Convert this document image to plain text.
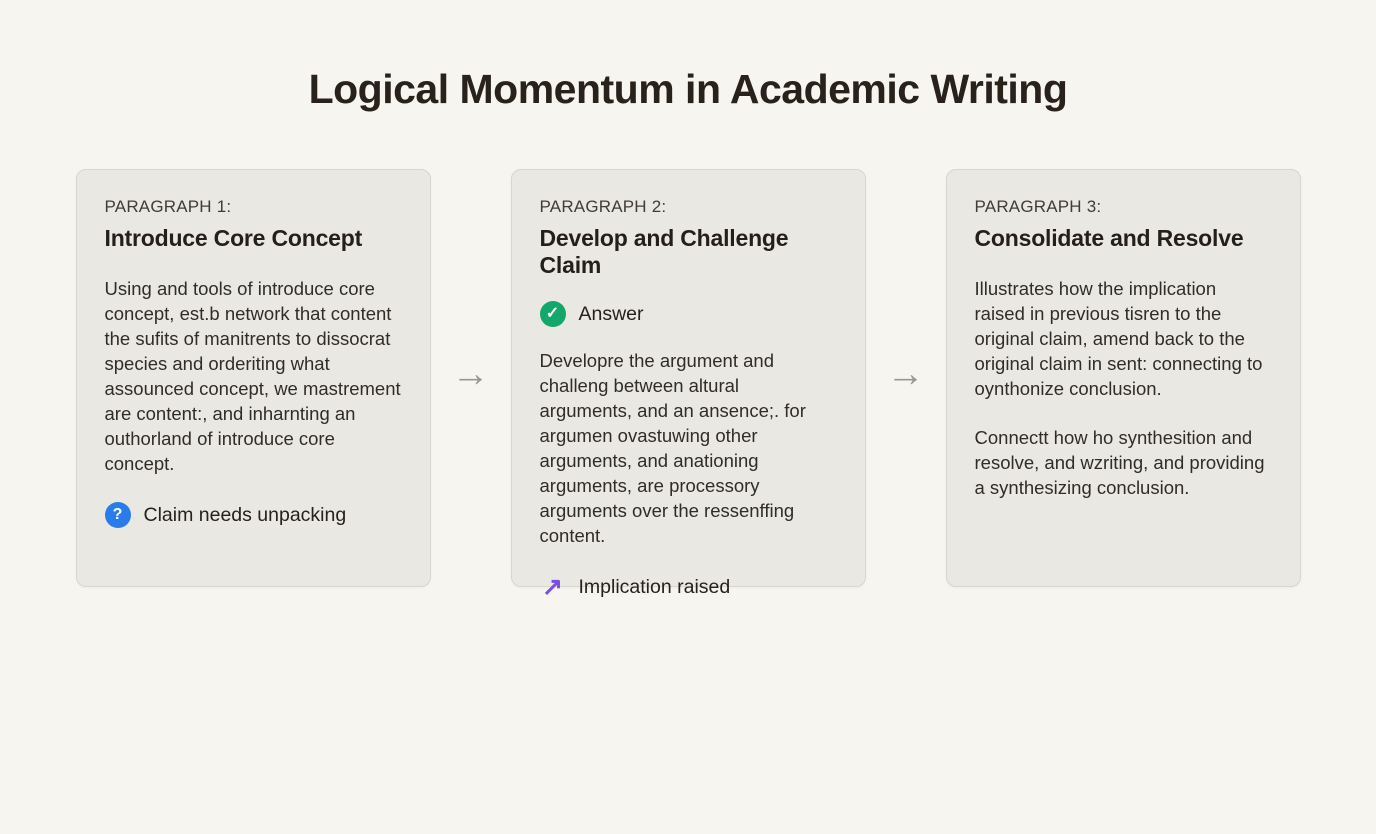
Logical Momentum in Academic Writing
PARAGRAPH 1:
Introduce Core Concept

Using and tools of introduce core concept, est.b network that content the sufits of manitrents to dissocrat species and orderiting what assounced concept, we mastrement are content:, and inharnting an outhorland of introduce core concept.

?	Claim needs unpacking
→
PARAGRAPH 2:
Develop and Challenge Claim
✓ Answer

Developre the argument and challeng between altural arguments, and an ansence;. for argumen ovastuwing other arguments, and anationing arguments, are processory arguments over the ressenffing content.

↗ Implication raised
→
PARAGRAPH 3:
Consolidate and Resolve

Illustrates how the implication raised in previous tisren to the original claim, amend back to the original claim in sent: connecting to oynthonize conclusion.

Connectt how ho synthesition and resolve, and wzriting, and providing a synthesizing conclusion.
